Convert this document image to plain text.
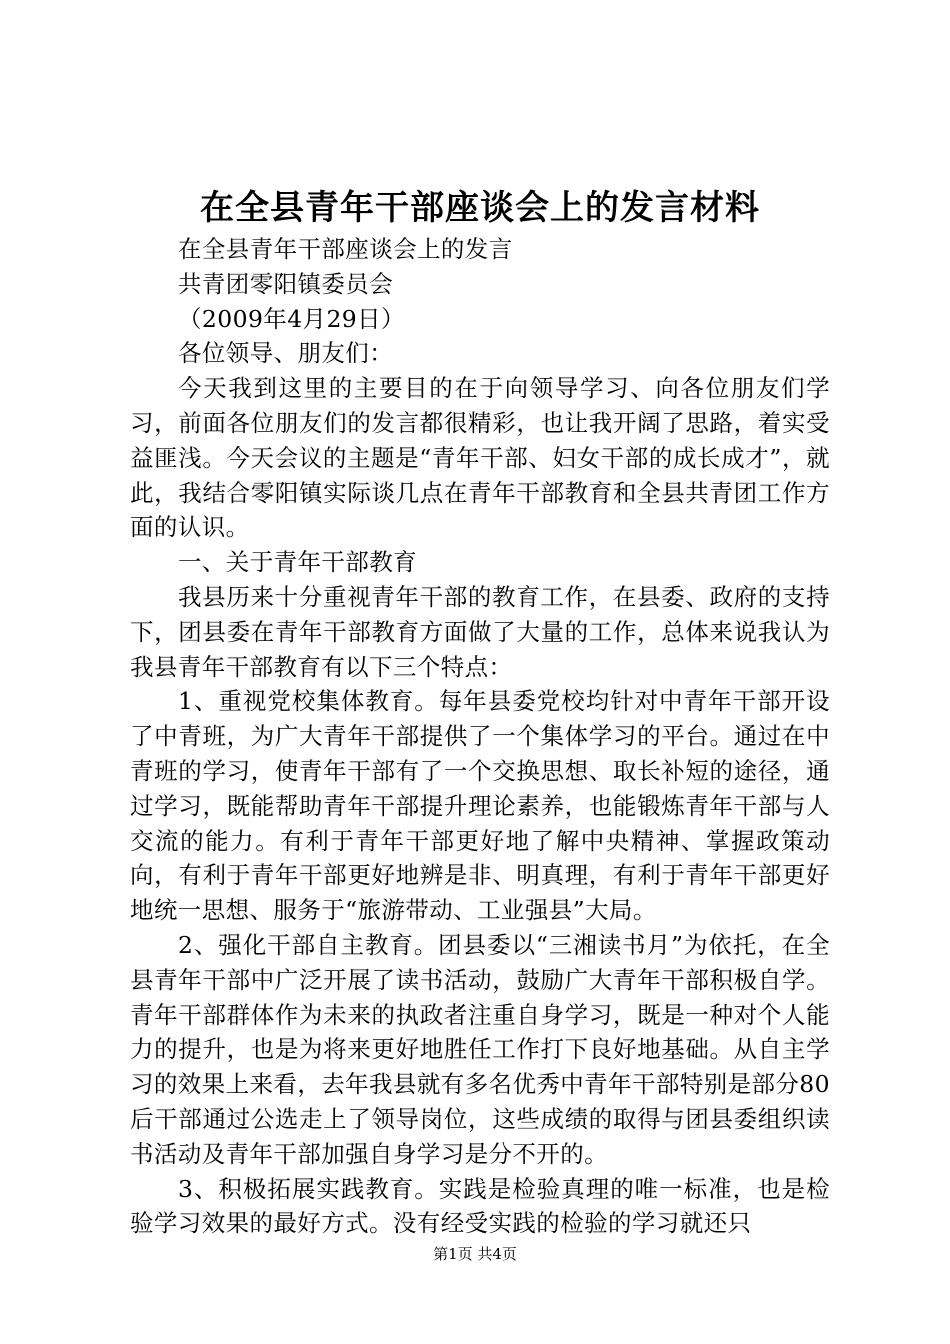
在全县青年干部座谈会上的发言材料

在全县青年干部座谈会上的发言

共青团零阳镇委员会

（2009年4月29日）

各位领导、朋友们：

今天我到这里的主要目的在于向领导学习、向各位朋友们学习，前面各位朋友们的发言都很精彩，也让我开阔了思路，着实受益匪浅。今天会议的主题是“青年干部、妇女干部的成长成才”，就此，我结合零阳镇实际谈几点在青年干部教育和全县共青团工作方面的认识。

一、关于青年干部教育

我县历来十分重视青年干部的教育工作，在县委、政府的支持下，团县委在青年干部教育方面做了大量的工作，总体来说我认为我县青年干部教育有以下三个特点：

1、重视党校集体教育。每年县委党校均针对中青年干部开设了中青班，为广大青年干部提供了一个集体学习的平台。通过在中青班的学习，使青年干部有了一个交换思想、取长补短的途径，通过学习，既能帮助青年干部提升理论素养，也能锻炼青年干部与人交流的能力。有利于青年干部更好地了解中央精神、掌握政策动向，有利于青年干部更好地辨是非、明真理，有利于青年干部更好地统一思想、服务于“旅游带动、工业强县”大局。

2、强化干部自主教育。团县委以“三湘读书月”为依托，在全县青年干部中广泛开展了读书活动，鼓励广大青年干部积极自学。青年干部群体作为未来的执政者注重自身学习，既是一种对个人能力的提升，也是为将来更好地胜任工作打下良好地基础。从自主学习的效果上来看，去年我县就有多名优秀中青年干部特别是部分80后干部通过公选走上了领导岗位，这些成绩的取得与团县委组织读书活动及青年干部加强自身学习是分不开的。

3、积极拓展实践教育。实践是检验真理的唯一标准，也是检验学习效果的最好方式。没有经受实践的检验的学习就还只

第1页 共4页
